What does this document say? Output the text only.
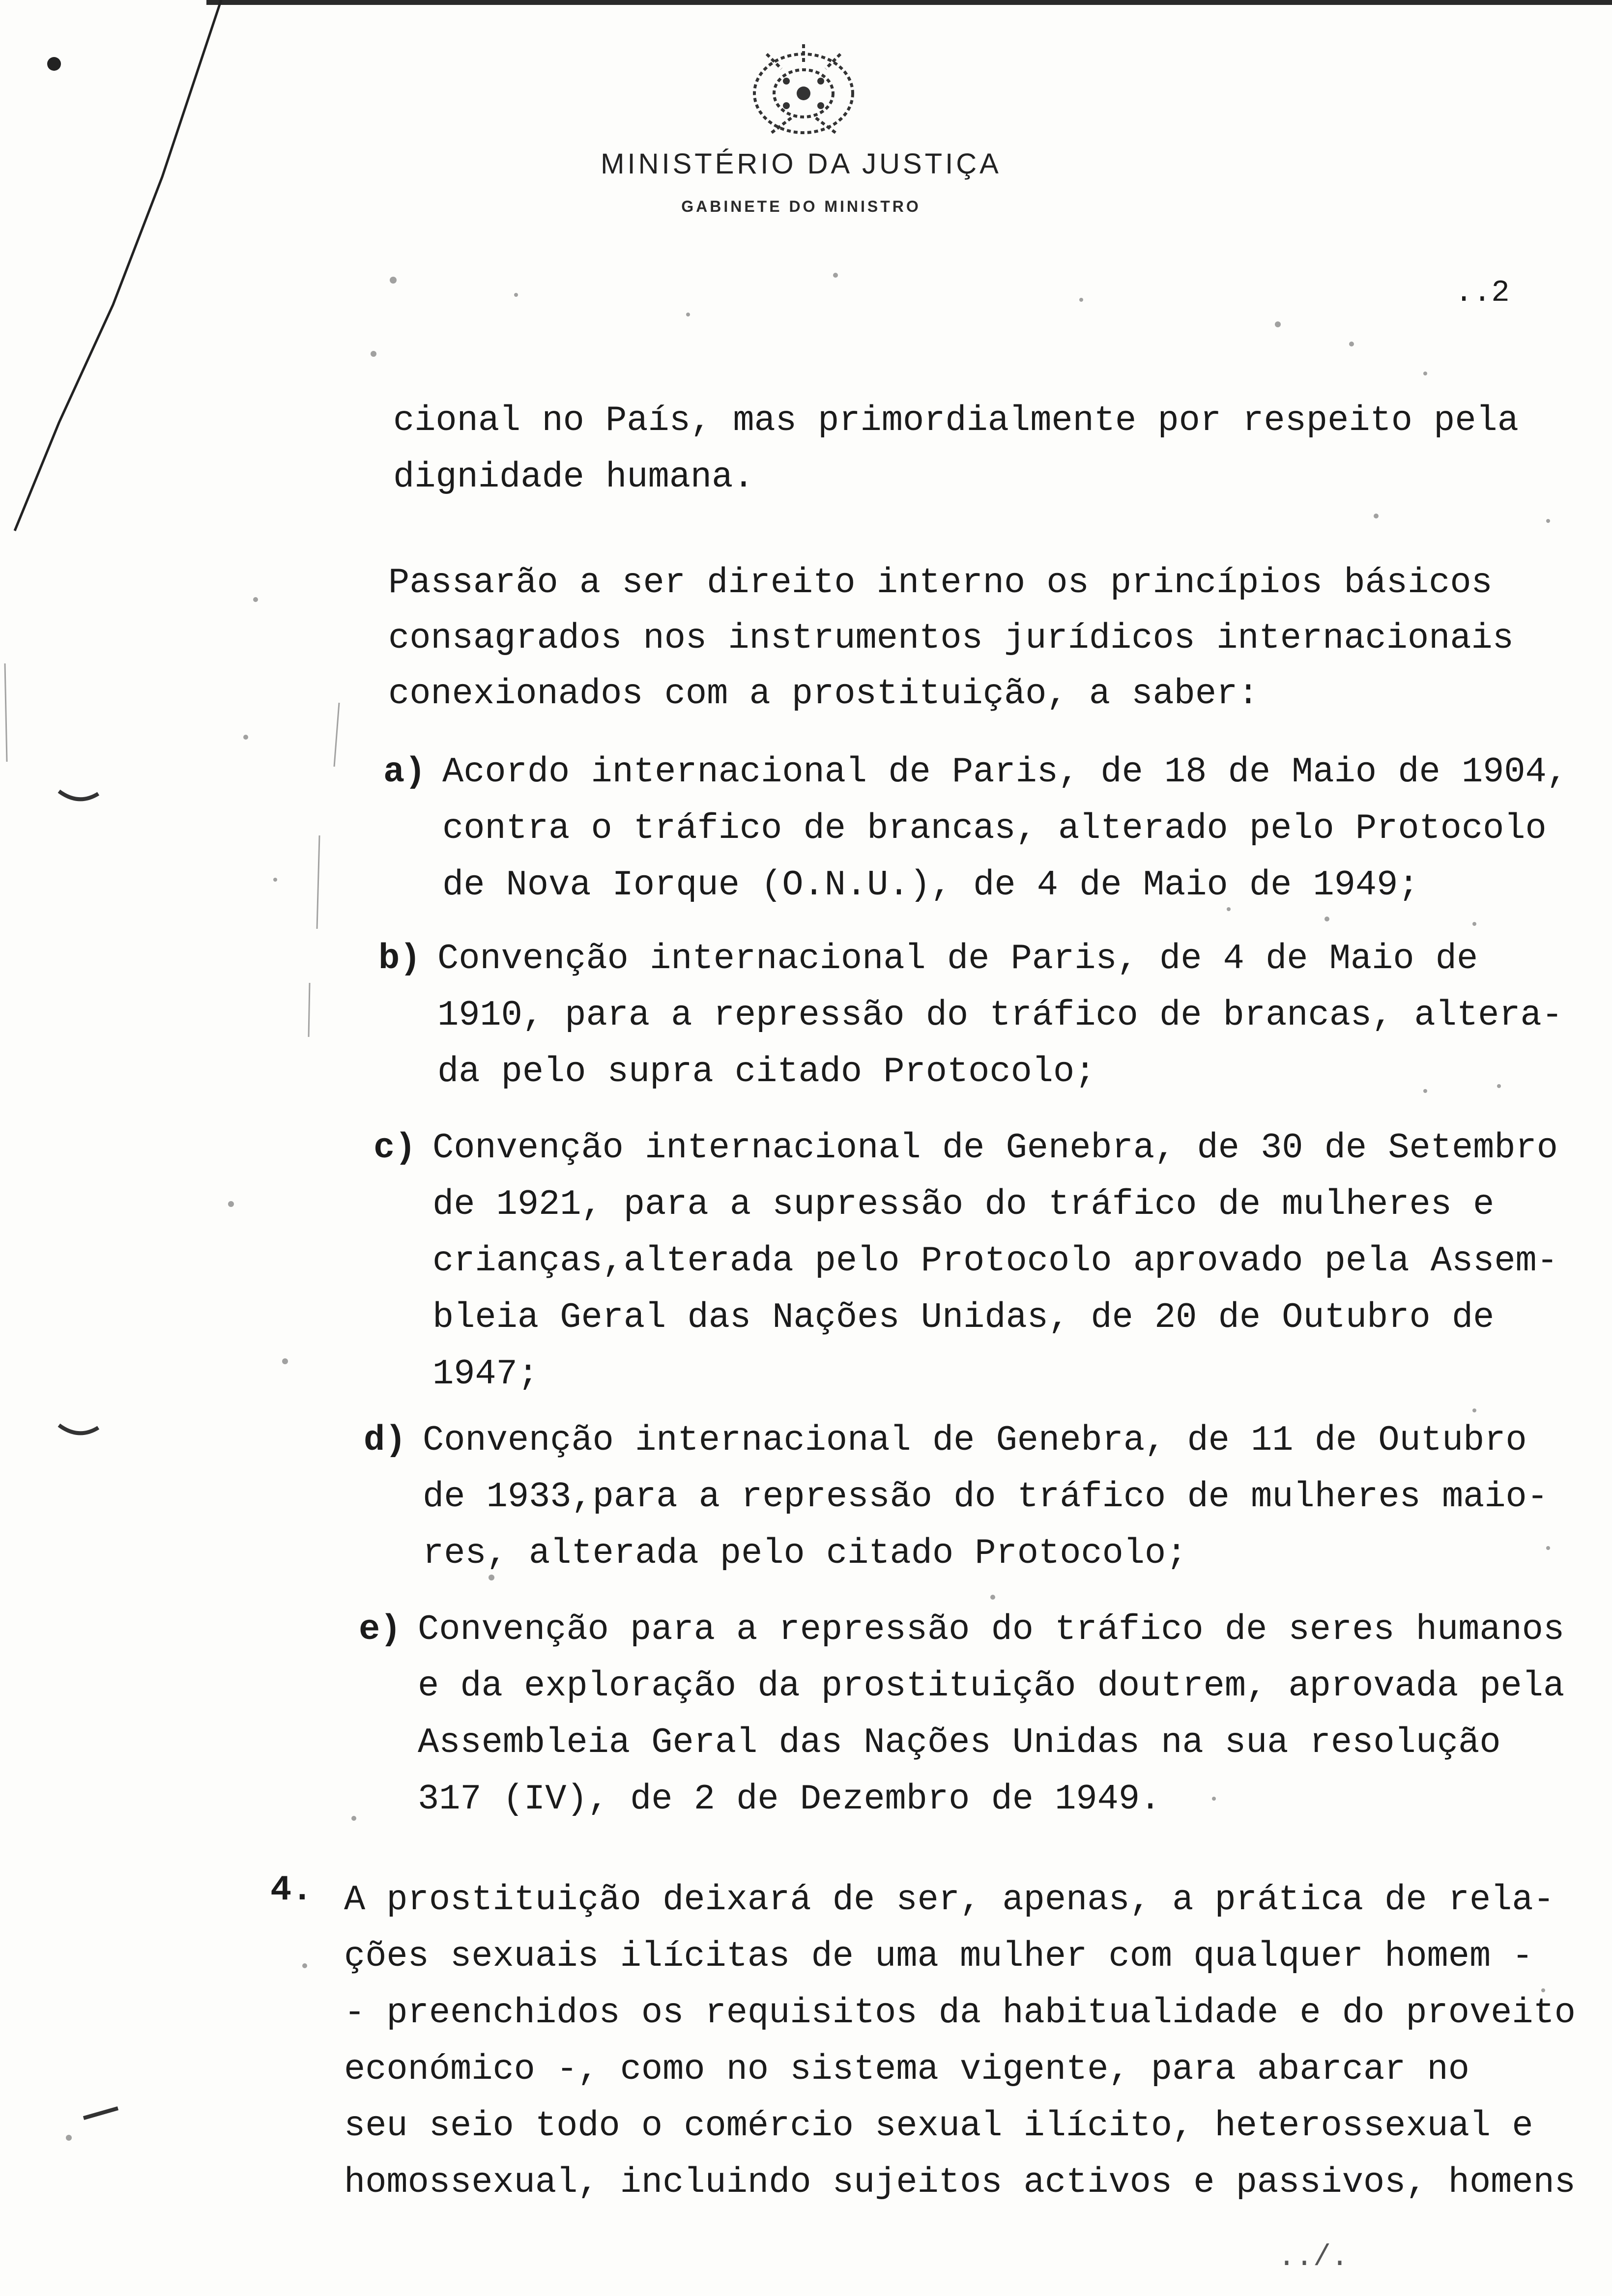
MINISTÉRIO DA JUSTIÇA
GABINETE DO MINISTRO
..2
cional no País, mas primordialmente por respeito pela
dignidade humana.
Passarão a ser direito interno os princípios básicos
consagrados nos instrumentos jurídicos internacionais
conexionados com a prostituição, a saber:
a) Acordo internacional de Paris, de 18 de Maio de 1904,
contra o tráfico de brancas, alterado pelo Protocolo
de Nova Iorque (O.N.U.), de 4 de Maio de 1949;
b) Convenção internacional de Paris, de 4 de Maio de
1910, para a repressão do tráfico de brancas, altera-
da pelo supra citado Protocolo;
c) Convenção internacional de Genebra, de 30 de Setembro
de 1921, para a supressão do tráfico de mulheres e
crianças,alterada pelo Protocolo aprovado pela Assem-
bleia Geral das Nações Unidas, de 20 de Outubro de
1947;
d) Convenção internacional de Genebra, de 11 de Outubro
de 1933,para a repressão do tráfico de mulheres maio-
res, alterada pelo citado Protocolo;
e) Convenção para a repressão do tráfico de seres humanos
e da exploração da prostituição doutrem, aprovada pela
Assembleia Geral das Nações Unidas na sua resolução
317 (IV), de 2 de Dezembro de 1949.
4. A prostituição deixará de ser, apenas, a prática de rela-
ções sexuais ilícitas de uma mulher com qualquer homem -
- preenchidos os requisitos da habitualidade e do proveito
económico -, como no sistema vigente, para abarcar no
seu seio todo o comércio sexual ilícito, heterossexual e
homossexual, incluindo sujeitos activos e passivos, homens
../.
